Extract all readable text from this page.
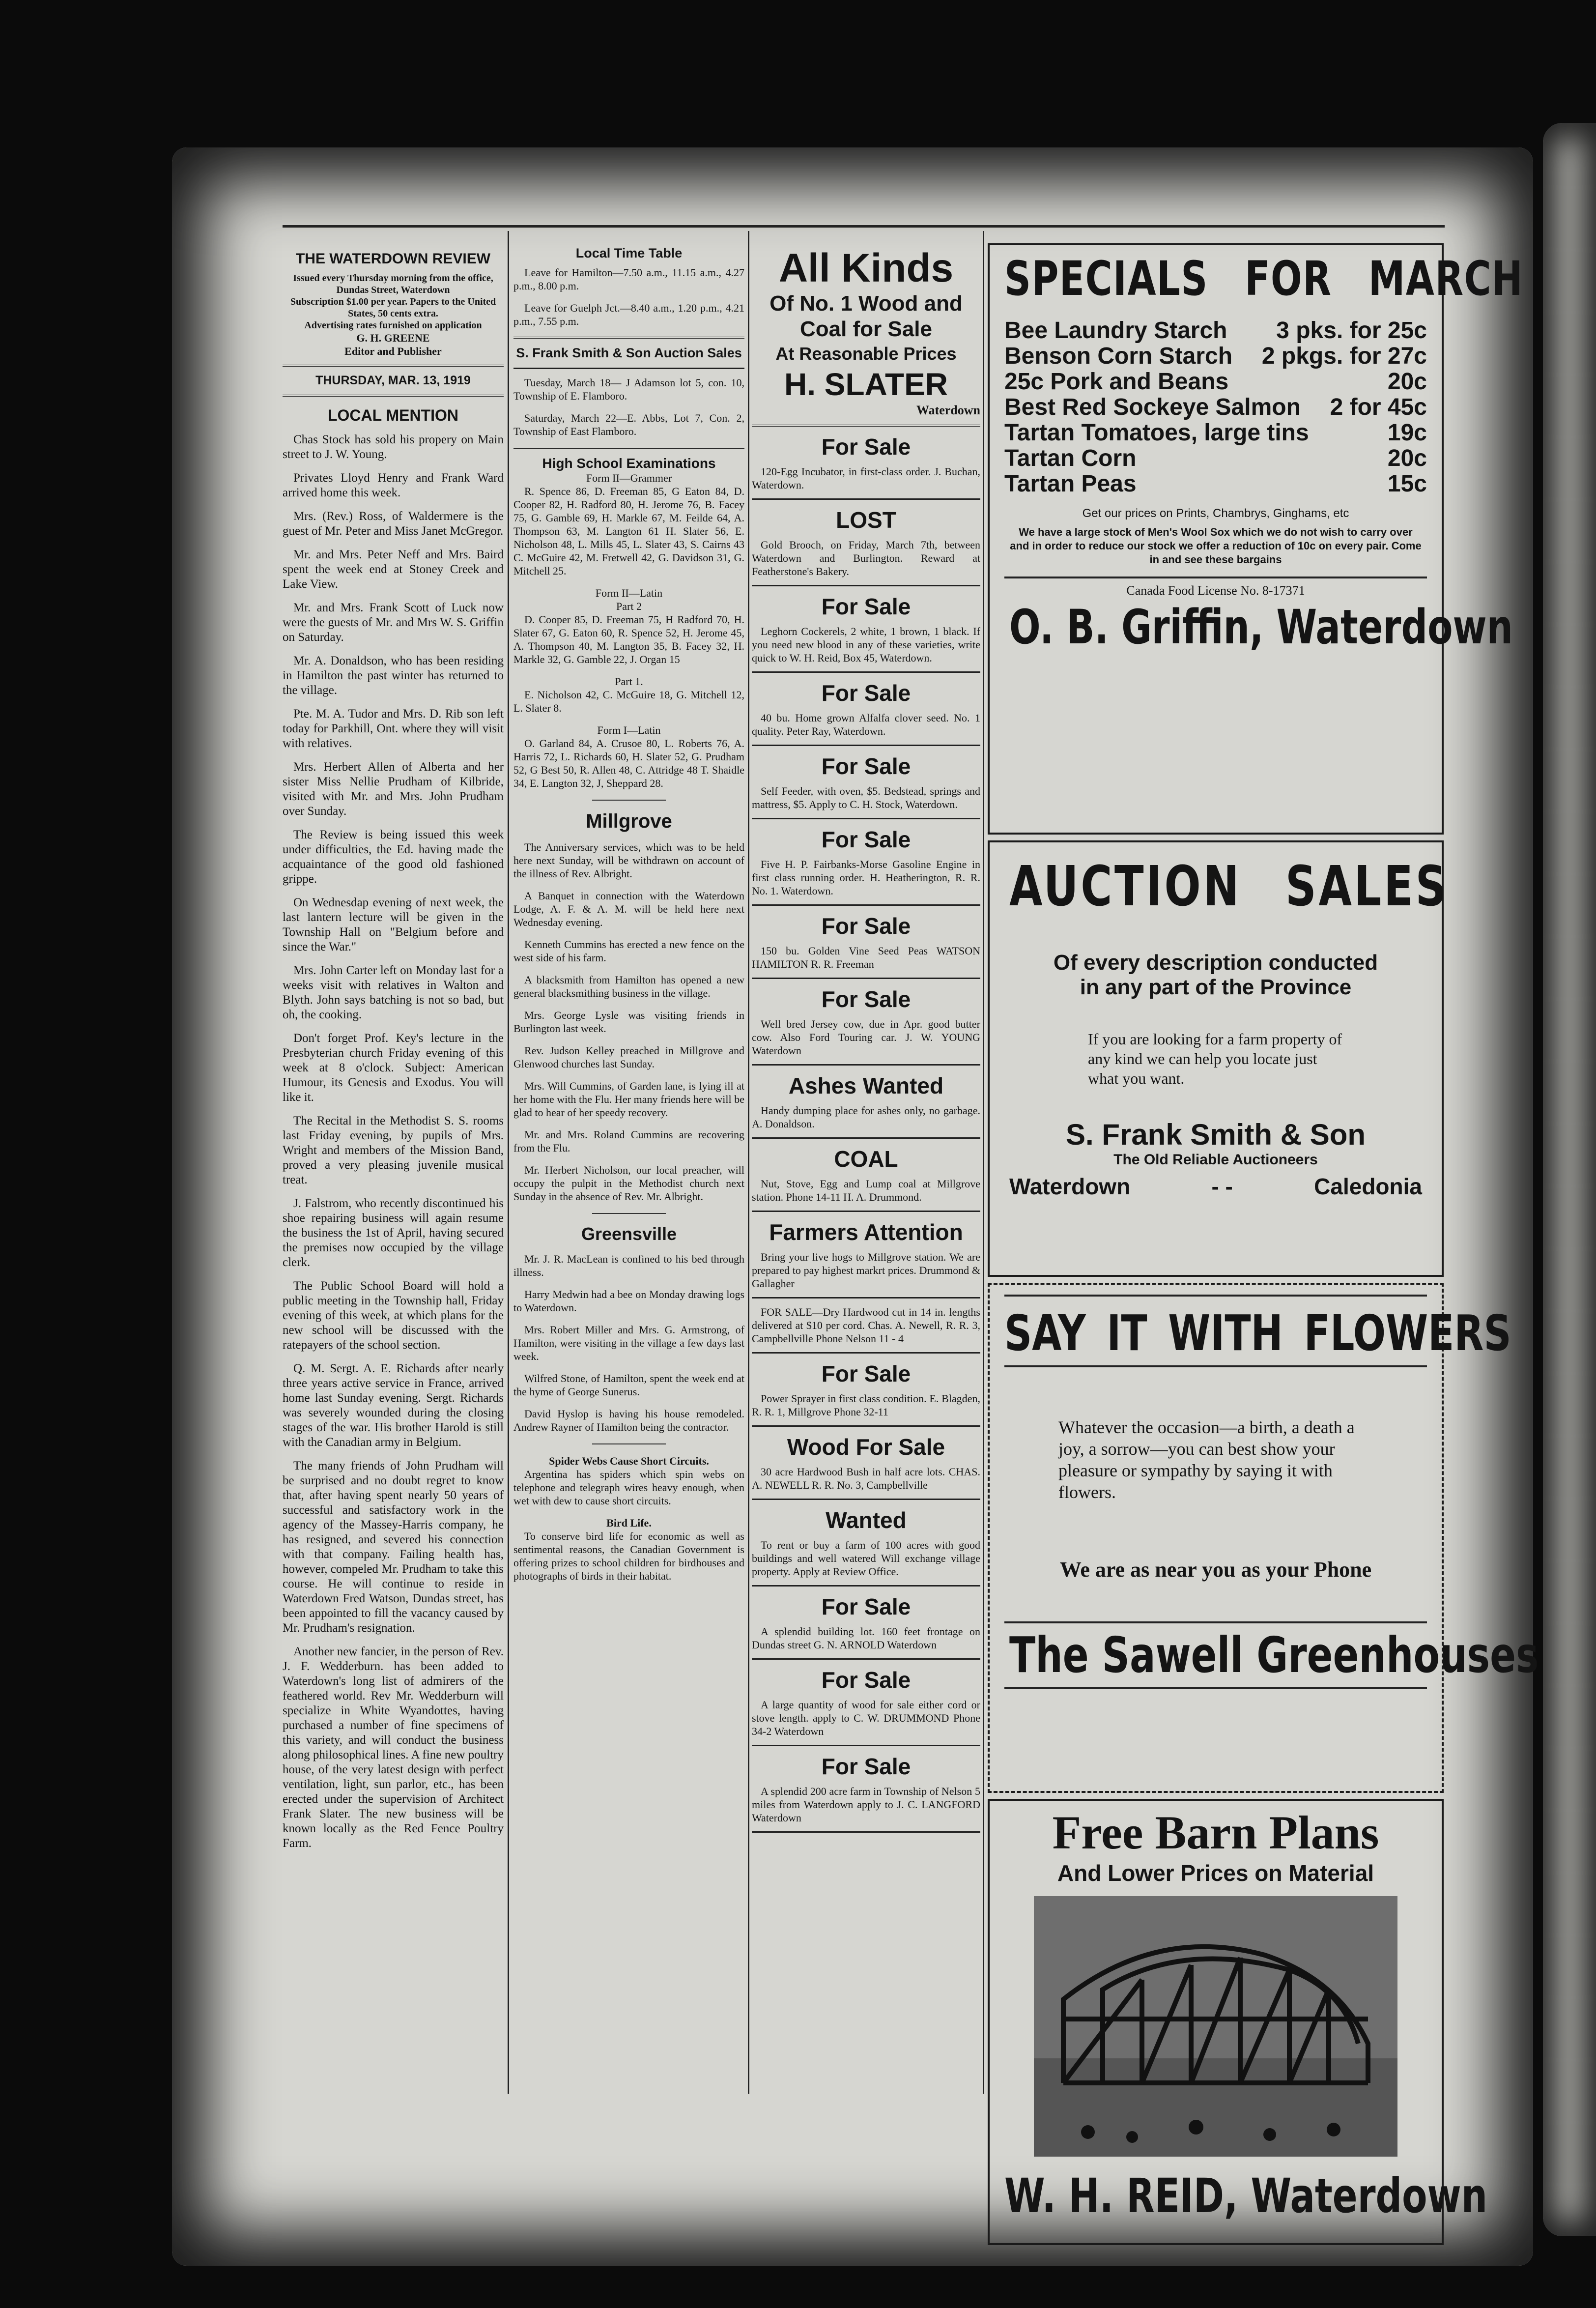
THE WATERDOWN REVIEW
Issued every Thursday morning from the office, Dundas Street, Waterdown
Subscription $1.00 per year. Papers to the United States, 50 cents extra.
Advertising rates furnished on application
G. H. GREENE
Editor and Publisher
THURSDAY, MAR. 13, 1919
LOCAL MENTION

Chas Stock has sold his propery on Main street to J. W. Young.

Privates Lloyd Henry and Frank Ward arrived home this week.

Mrs. (Rev.) Ross, of Waldermere is the guest of Mr. Peter and Miss Janet McGregor.

Mr. and Mrs. Peter Neff and Mrs. Baird spent the week end at Stoney Creek and Lake View.

Mr. and Mrs. Frank Scott of Luck now were the guests of Mr. and Mrs W. S. Griffin on Saturday.

Mr. A. Donaldson, who has been residing in Hamilton the past winter has returned to the village.

Pte. M. A. Tudor and Mrs. D. Rib son left today for Parkhill, Ont. where they will visit with relatives.

Mrs. Herbert Allen of Alberta and her sister Miss Nellie Prudham of Kilbride, visited with Mr. and Mrs. John Prudham over Sunday.

The Review is being issued this week under difficulties, the Ed. having made the acquaintance of the good old fashioned grippe.

On Wednesdap evening of next week, the last lantern lecture will be given in the Township Hall on "Belgium before and since the War."

Mrs. John Carter left on Monday last for a weeks visit with relatives in Walton and Blyth. John says batching is not so bad, but oh, the cooking.

Don't forget Prof. Key's lecture in the Presbyterian church Friday evening of this week at 8 o'clock. Subject: American Humour, its Genesis and Exodus. You will like it.

The Recital in the Methodist S. S. rooms last Friday evening, by pupils of Mrs. Wright and members of the Mission Band, proved a very pleasing juvenile musical treat.

J. Falstrom, who recently discontinued his shoe repairing business will again resume the business the 1st of April, having secured the premises now occupied by the village clerk.

The Public School Board will hold a public meeting in the Township hall, Friday evening of this week, at which plans for the new school will be discussed with the ratepayers of the school section.

Q. M. Sergt. A. E. Richards after nearly three years active service in France, arrived home last Sunday evening. Sergt. Richards was severely wounded during the closing stages of the war. His brother Harold is still with the Canadian army in Belgium.

The many friends of John Prudham will be surprised and no doubt regret to know that, after having spent nearly 50 years of successful and satisfactory work in the agency of the Massey-Harris company, he has resigned, and severed his connection with that company. Failing health has, however, compeled Mr. Prudham to take this course. He will continue to reside in Waterdown Fred Watson, Dundas street, has been appointed to fill the vacancy caused by Mr. Prudham's resignation.

Another new fancier, in the person of Rev. J. F. Wedderburn. has been added to Waterdown's long list of admirers of the feathered world. Rev Mr. Wedderburn will specialize in White Wyandottes, having purchased a number of fine specimens of this variety, and will conduct the business along philosophical lines. A fine new poultry house, of the very latest design with perfect ventilation, light, sun parlor, etc., has been erected under the supervision of Architect Frank Slater. The new business will be known locally as the Red Fence Poultry Farm.

Local Time Table

Leave for Hamilton—7.50 a.m., 11.15 a.m., 4.27 p.m., 8.00 p.m.

Leave for Guelph Jct.—8.40 a.m., 1.20 p.m., 4.21 p.m., 7.55 p.m.

S. Frank Smith & Son Auction Sales

Tuesday, March 18— J Adamson lot 5, con. 10, Township of E. Flamboro.

Saturday, March 22—E. Abbs, Lot 7, Con. 2, Township of East Flamboro.

High School Examinations
Form II—Grammer

R. Spence 86, D. Freeman 85, G Eaton 84, D. Cooper 82, H. Radford 80, H. Jerome 76, B. Facey 75, G. Gamble 69, H. Markle 67, M. Feilde 64, A. Thompson 63, M. Langton 61 H. Slater 56, E. Nicholson 48, L. Mills 45, L. Slater 43, S. Cairns 43 C. McGuire 42, M. Fretwell 42, G. Davidson 31, G. Mitchell 25.

Form II—Latin
Part 2

D. Cooper 85, D. Freeman 75, H Radford 70, H. Slater 67, G. Eaton 60, R. Spence 52, H. Jerome 45, A. Thompson 40, M. Langton 35, B. Facey 32, H. Markle 32, G. Gamble 22, J. Organ 15

Part 1.

E. Nicholson 42, C. McGuire 18, G. Mitchell 12, L. Slater 8.

Form I—Latin

O. Garland 84, A. Crusoe 80, L. Roberts 76, A. Harris 72, L. Richards 60, H. Slater 52, G. Prudham 52, G Best 50, R. Allen 48, C. Attridge 48 T. Shaidle 34, E. Langton 32, J, Sheppard 28.

Millgrove

The Anniversary services, which was to be held here next Sunday, will be withdrawn on account of the illness of Rev. Albright.

A Banquet in connection with the Waterdown Lodge, A. F. & A. M. will be held here next Wednesday evening.

Kenneth Cummins has erected a new fence on the west side of his farm.

A blacksmith from Hamilton has opened a new general blacksmithing business in the village.

Mrs. George Lysle was visiting friends in Burlington last week.

Rev. Judson Kelley preached in Millgrove and Glenwood churches last Sunday.

Mrs. Will Cummins, of Garden lane, is lying ill at her home with the Flu. Her many friends here will be glad to hear of her speedy recovery.

Mr. and Mrs. Roland Cummins are recovering from the Flu.

Mr. Herbert Nicholson, our local preacher, will occupy the pulpit in the Methodist church next Sunday in the absence of Rev. Mr. Albright.

Greensville

Mr. J. R. MacLean is confined to his bed through illness.

Harry Medwin had a bee on Monday drawing logs to Waterdown.

Mrs. Robert Miller and Mrs. G. Armstrong, of Hamilton, were visiting in the village a few days last week.

Wilfred Stone, of Hamilton, spent the week end at the hyme of George Sunerus.

David Hyslop is having his house remodeled. Andrew Rayner of Hamilton being the contractor.

Spider Webs Cause Short Circuits.

Argentina has spiders which spin webs on telephone and telegraph wires heavy enough, when wet with dew to cause short circuits.

Bird Life.

To conserve bird life for economic as well as sentimental reasons, the Canadian Government is offering prizes to school children for birdhouses and photographs of birds in their habitat.

All Kinds
Of No. 1 Wood and
Coal for Sale
At Reasonable Prices
H. SLATER
Waterdown
For Sale
120-Egg Incubator, in first-class order. J. Buchan, Waterdown.
LOST
Gold Brooch, on Friday, March 7th, between Waterdown and Burlington. Reward at Featherstone's Bakery.
For Sale
Leghorn Cockerels, 2 white, 1 brown, 1 black. If you need new blood in any of these varieties, write quick to W. H. Reid, Box 45, Waterdown.
For Sale
40 bu. Home grown Alfalfa clover seed. No. 1 quality. Peter Ray, Waterdown.
For Sale
Self Feeder, with oven, $5. Bedstead, springs and mattress, $5. Apply to C. H. Stock, Waterdown.
For Sale
Five H. P. Fairbanks-Morse Gasoline Engine in first class running order. H. Heatherington, R. R. No. 1. Waterdown.
For Sale
150 bu. Golden Vine Seed Peas WATSON HAMILTON R. R. Freeman
For Sale
Well bred Jersey cow, due in Apr. good butter cow. Also Ford Touring car. J. W. YOUNG Waterdown
Ashes Wanted
Handy dumping place for ashes only, no garbage. A. Donaldson.
COAL
Nut, Stove, Egg and Lump coal at Millgrove station. Phone 14-11 H. A. Drummond.
Farmers Attention
Bring your live hogs to Millgrove station. We are prepared to pay highest markrt prices. Drummond & Gallagher
FOR SALE—Dry Hardwood cut in 14 in. lengths delivered at $10 per cord. Chas. A. Newell, R. R. 3, Campbellville Phone Nelson 11 - 4
For Sale
Power Sprayer in first class condition. E. Blagden, R. R. 1, Millgrove Phone 32-11
Wood For Sale
30 acre Hardwood Bush in half acre lots. CHAS. A. NEWELL R. R. No. 3, Campbellville
Wanted
To rent or buy a farm of 100 acres with good buildings and well watered Will exchange village property. Apply at Review Office.
For Sale
A splendid building lot. 160 feet frontage on Dundas street G. N. ARNOLD Waterdown
For Sale
A large quantity of wood for sale either cord or stove length. apply to C. W. DRUMMOND Phone 34-2 Waterdown
For Sale
A splendid 200 acre farm in Township of Nelson 5 miles from Waterdown apply to J. C. LANGFORD Waterdown
SPECIALS FOR MARCH
Bee Laundry Starch 3 pks. for 25c
Benson Corn Starch 2 pkgs. for 27c
25c Pork and Beans	20c
Best Red Sockeye Salmon 2 for 45c
Tartan Tomatoes, large tins	19c
Tartan Corn	20c
Tartan Peas	15c
Get our prices on Prints, Chambrys, Ginghams, etc
We have a large stock of Men's Wool Sox which we do not wish to carry over and in order to reduce our stock we offer a reduction of 10c on every pair. Come in and see these bargains
Canada Food License No. 8-17371
O. B. Griffin, Waterdown
AUCTION SALES
Of every description conducted
in any part of the Province
If you are looking for a farm property of any kind we can help you locate just what you want.
S. Frank Smith & Son
The Old Reliable Auctioneers
Waterdown	- -	Caledonia
SAY IT WITH FLOWERS
Whatever the occasion—a birth, a death a joy, a sorrow—you can best show your pleasure or sympathy by saying it with flowers.
We are as near you as your Phone
The Sawell Greenhouses
Free Barn Plans
And Lower Prices on Material
W. H. REID, Waterdown
